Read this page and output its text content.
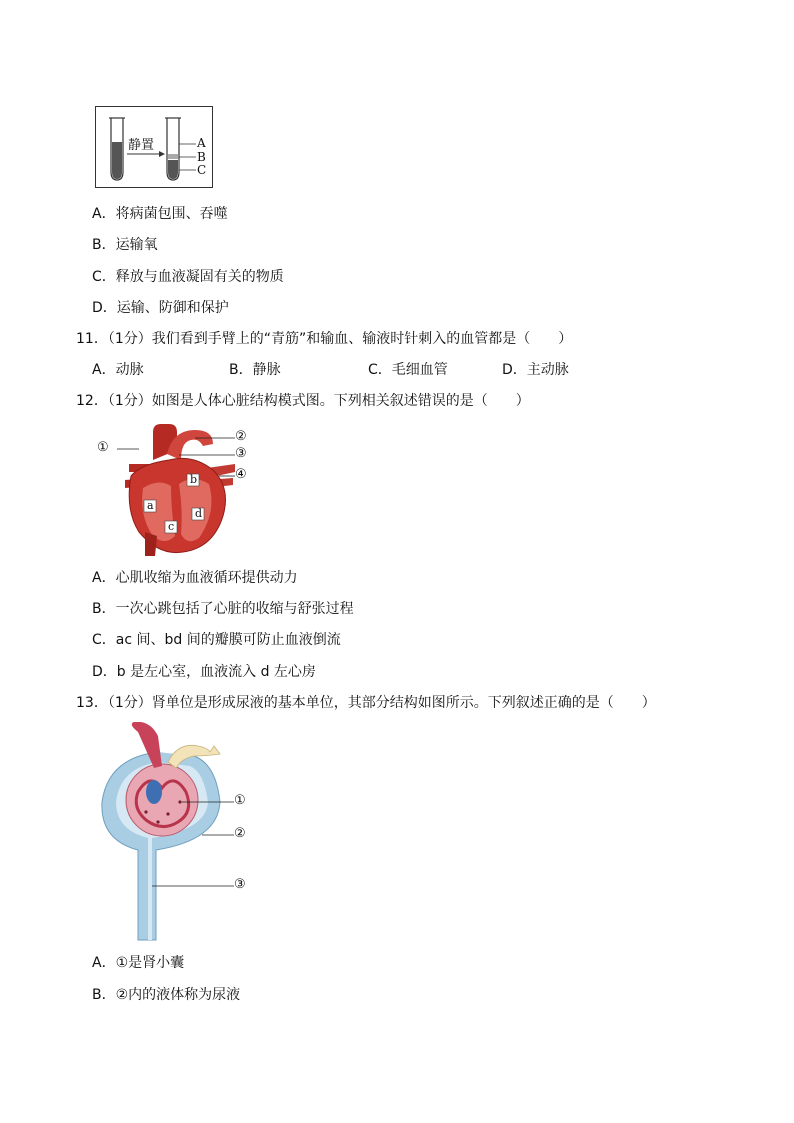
静置	A
B
C
A．将病菌包围、吞噬
B．运输氧
C．释放与血液凝固有关的物质
D．运输、防御和保护
11．（1分）我们看到手臂上的“青筋”和输血、输液时针刺入的血管都是（　　）
A．动脉	B．静脉	C．毛细血管	D．主动脉
12．（1分）如图是人体心脏结构模式图。下列相关叙述错误的是（　　）
①
②
③
④
a
b
c
d
A．心肌收缩为血液循环提供动力
B．一次心跳包括了心脏的收缩与舒张过程
C．ac 间、bd 间的瓣膜可防止血液倒流
D．b 是左心室，血液流入 d 左心房
13．（1分）肾单位是形成尿液的基本单位，其部分结构如图所示。下列叙述正确的是（　　）
①
②
③
A．①是肾小囊
B．②内的液体称为尿液
